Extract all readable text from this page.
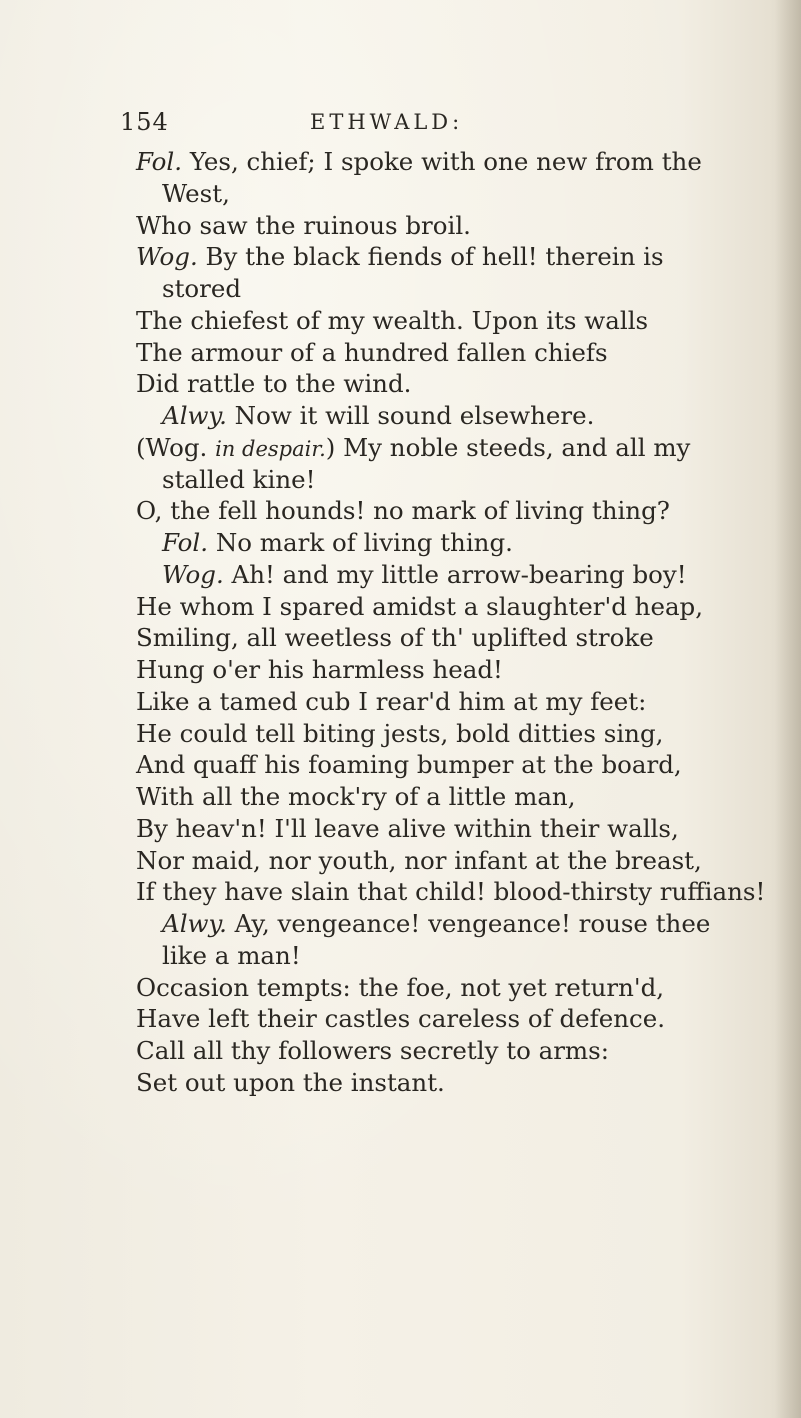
154	ETHWALD:
Fol. Yes, chief; I spoke with one new from the
West,
Who saw the ruinous broil.
Wog. By the black fiends of hell! therein is
stored
The chiefest of my wealth. Upon its walls
The armour of a hundred fallen chiefs
Did rattle to the wind.
Alwy. Now it will sound elsewhere.
(Wog. in despair.) My noble steeds, and all my
stalled kine!
O, the fell hounds! no mark of living thing?
Fol. No mark of living thing.
Wog. Ah! and my little arrow-bearing boy!
He whom I spared amidst a slaughter'd heap,
Smiling, all weetless of th' uplifted stroke
Hung o'er his harmless head!
Like a tamed cub I rear'd him at my feet:
He could tell biting jests, bold ditties sing,
And quaff his foaming bumper at the board,
With all the mock'ry of a little man,
By heav'n! I'll leave alive within their walls,
Nor maid, nor youth, nor infant at the breast,
If they have slain that child! blood-thirsty ruffians!
Alwy. Ay, vengeance! vengeance! rouse thee
like a man!
Occasion tempts: the foe, not yet return'd,
Have left their castles careless of defence.
Call all thy followers secretly to arms:
Set out upon the instant.
